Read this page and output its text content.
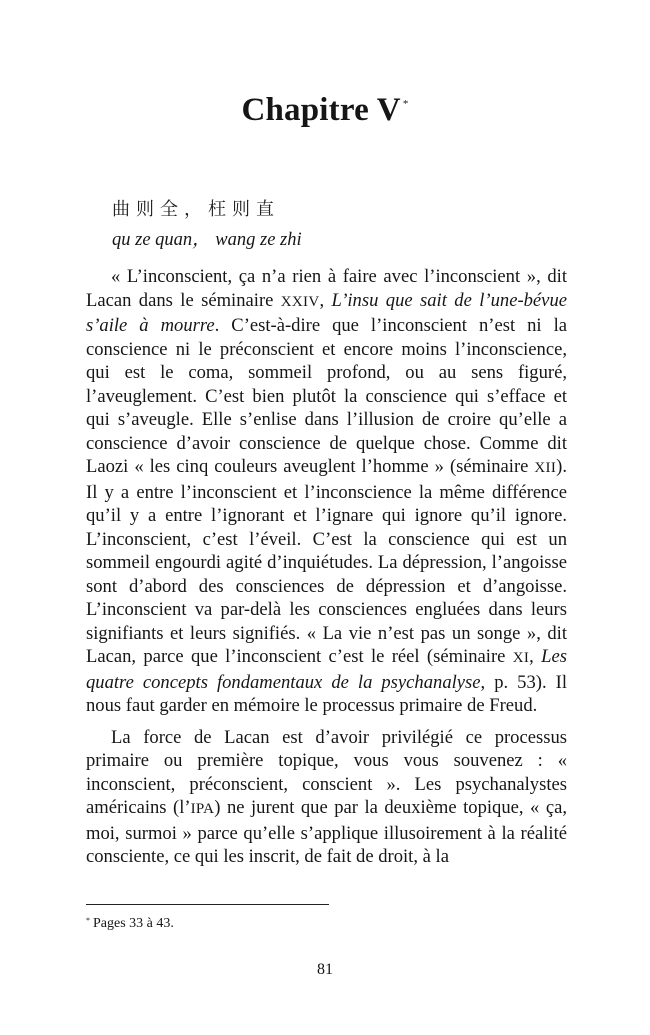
Chapitre V *
曲则全，枉则直
qu ze quan， wang ze zhi

« L’inconscient, ça n’a rien à faire avec l’inconscient », dit Lacan dans le séminaire XXIV, L’insu que sait de l’une-bévue s’aile à mourre. C’est-à-dire que l’inconscient n’est ni la conscience ni le préconscient et encore moins l’inconscience, qui est le coma, sommeil profond, ou au sens figuré, l’aveuglement. C’est bien plutôt la conscience qui s’efface et qui s’aveugle. Elle s’enlise dans l’illusion de croire qu’elle a conscience d’avoir conscience de quelque chose. Comme dit Laozi « les cinq couleurs aveuglent l’homme » (séminaire XII). Il y a entre l’inconscient et l’inconscience la même différence qu’il y a entre l’ignorant et l’ignare qui ignore qu’il ignore. L’inconscient, c’est l’éveil. C’est la conscience qui est un sommeil engourdi agité d’inquiétudes. La dépression, l’angoisse sont d’abord des consciences de dépression et d’angoisse. L’inconscient va par-delà les consciences engluées dans leurs signifiants et leurs signifiés. « La vie n’est pas un songe », dit Lacan, parce que l’inconscient c’est le réel (séminaire XI, Les quatre concepts fondamentaux de la psychanalyse, p. 53). Il nous faut garder en mémoire le processus primaire de Freud.

La force de Lacan est d’avoir privilégié ce processus primaire ou première topique, vous vous souvenez : « inconscient, préconscient, conscient ». Les psychanalystes américains (l’IPA) ne jurent que par la deuxième topique, « ça, moi, surmoi » parce qu’elle s’applique illusoirement à la réalité consciente, ce qui les inscrit, de fait de droit, à la

* Pages 33 à 43.
81
